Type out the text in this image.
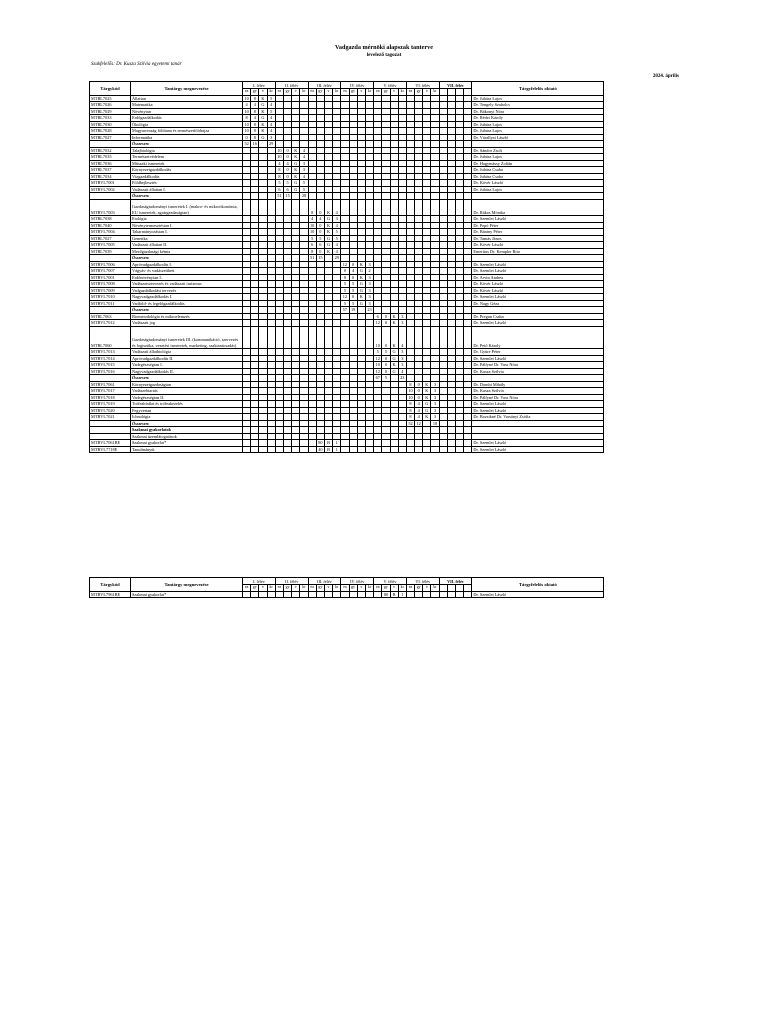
Vadgazda mérnöki alapszak tanterve
levelező tagozat
Szakfelelős: Dr. Kusza Szilvia egyetemi tanár
2024. április
Tárgykód	Tantárgy megnevezése	I. félév				II. félév				III. félév				IV. félév				V. félév				VI. félév				VII. félév				Tárgyfelelős oktató
		ea	gy	v	kr	ea	gy	v	kr	ea	gy	v	kr	ea	gy	v	kr	ea	gy	v	kr	ea	gy	v	kr					
MTBL7025	Állattan	10	8	K	5																									Dr. Juhász Lajos
MTBL7026	Matematika	4	4	G	4																									Dr. Tengely Szabolcs
MTBL7029	Növénytan	10	8	K	5																									Dr. Bákonyi Nóra
MTBL7033	Erdőgazdálkodás	8	4	G	4																									Dr. Rédei Károly
MTBL7030	Ökológia	10	8	K	4																									Dr. Juhász Lajos
MTBL7028	Magyarország földtana és természetföldrajza	10	8	K	4																									Dr. Juhász Lajos
MTBL7027	Informatika	0	8	G	3																									Dr. Várallyai László
	Összesen:	52	16		29																									
MTBL7032	Talajbiológia					10	0	K	4																					Dr. Sándor Zsolt
MTBL7035	Természetvédelem					10	0	K	4																					Dr. Juhász Lajos
MTBL7036	Műszaki ismeretek					4	4	G	3																					Dr. Hagymássy Zoltán
MTBL7037	Környezetgazdálkodás					8	0	K	3																					Dr. Juhász Csaba
MTBL7034	Vízgazdálkodás					8	0	K	4																					Dr. Juhász Csaba
MTBVL7001	Földhejlesztés					5	5	G	5																					Dr. Kövér László
MTBVL7002	Vadászati állattan I.					6	6	G	5																					Dr. Juhász Lajos
	Összesen:					51	15		28																					
MTBVL7003	Gazdaságtudományi ismeretek I. (makro- és mikroökonómia, EU ismeretek, agrárgazdaságtan)									8	0	K	4																	Dr. Rákos Mónika
MTBL7038	Etológia									4	4	G	3																	Dr. Szemlei László
MTBL7040	Növénytermesztéstan I.									10	0	K	4																	Dr. Pepó Péter
MTBVL7004	Takarmányozástan I.									10	0	K	5																	Dr. Bárány Péter
MTBL7027	Genetika									5	5	G	5																	Dr. Tamás János
MTBVL7005	Vadászati állattan II.									6	6	G	4																	Dr. Kövér László
MTBL7039	Mezőgazdasági kémia									8	0	K	4																	Emeritus Dr. Kempler Rita
	Összesen:									51	15		29																	
MTBVL7006	Apróvadgazdálkodás I.													12	0	K	3													Dr. Szemlei László
MTBVL7007	Vágyás- és vadászetikett													0	4	G	2													Dr. Szemlei László
MTBVL7001	Erdőnövénytan I.													8	0	K	3													Dr. Arvin Andrea
MTBVL7008	Vadászatszervezés és vadászati turizmus													5	5	G	3													Dr. Kövér László
MTBVL7009	Vadgazdálkodási tervezés													5	5	G	3													Dr. Kövér László
MTBVL7010	Nagyvadgazdálkodás I.													12	0	K	3													Dr. Szemlei László
MTBVL7011	Vadföld- és legelőgazdálkodás													5	5	G	3													Dr. Nagy Géza
	Összesen:													57	19		23													
MTBL7063	Biometodológia és mikroelemzés																	6	0	K	3									Dr. Pregun Csaba
MTBVL7012	Vadászati jog																	12	0	K	3									Dr. Szemlei László
MTBL7060	Gazdaságtudományi ismeretek III. (kommunikáció, szervezés és logisztika, vezetési ismeretek, marketing, szaktanácsadás)																	10	0	K	4									Dr. Pető Károly
MTBVL7013	Vadászati állatbiológia																	5	5	G	3									Dr. Gyüre Péter
MTBVL7014	Apróvadgazdálkodás II.																	12	0	G	3									Dr. Szemlei László
MTBVL7015	Vadegészségtan I.																	10	0	K	3									Dr. Pálfyné Dr. Vass Nóra
MTBVL7016	Nagyvadgazdálkodás II.																	12	0	G	4									Dr. Kusza Szilvia
	Összesen:																	67	5		23									
MTBVL7061	Környezetgazdaságtan																					8	0	K	3					Dr. Dombi Mihály
MTBVL7017	Vadászebtartás																					10	0	K	3					Dr. Kusza Szilvia
MTBVL7018	Vadegészségtan II.																					10	0	K	3					Dr. Pálfyné Dr. Vass Nóra
MTBVL7019	Trófeabírálat és trófeakezelés																					8	4	G	3					Dr. Szemlei László
MTBVL7020	Fegyvertan																					8	4	G	3					Dr. Szemlei László
MTBVL7021	Ichnológia																					8	4	K	3					Dr. Bozsikné Dr. Varsányi Zsófia
	Összesen:																					52	12		18					
	Szakmai gyakorlatok																													
	Szakmai üzemlátogatások																													
MTBVL7061BE	Szakmai gyakorlat*										80	B	1																	Dr. Szemlei László
MTBVL7718E	Tanulmányút										40	B	1																	Dr. Szemlei László
Tárgykód	Tantárgy megnevezése	I. félév				II. félév				III. félév				IV. félév				V. félév				VI. félév				VII. félév				Tárgyfelelős oktató
		ea	gy	v	kr	ea	gy	v	kr	ea	gy	v	kr	ea	gy	v	kr	ea	gy	v	kr	ea	gy	v	kr					
MTBVL7961BE	Szakmai gyakorlat*																		80	B	1									Dr. Szemlei László
